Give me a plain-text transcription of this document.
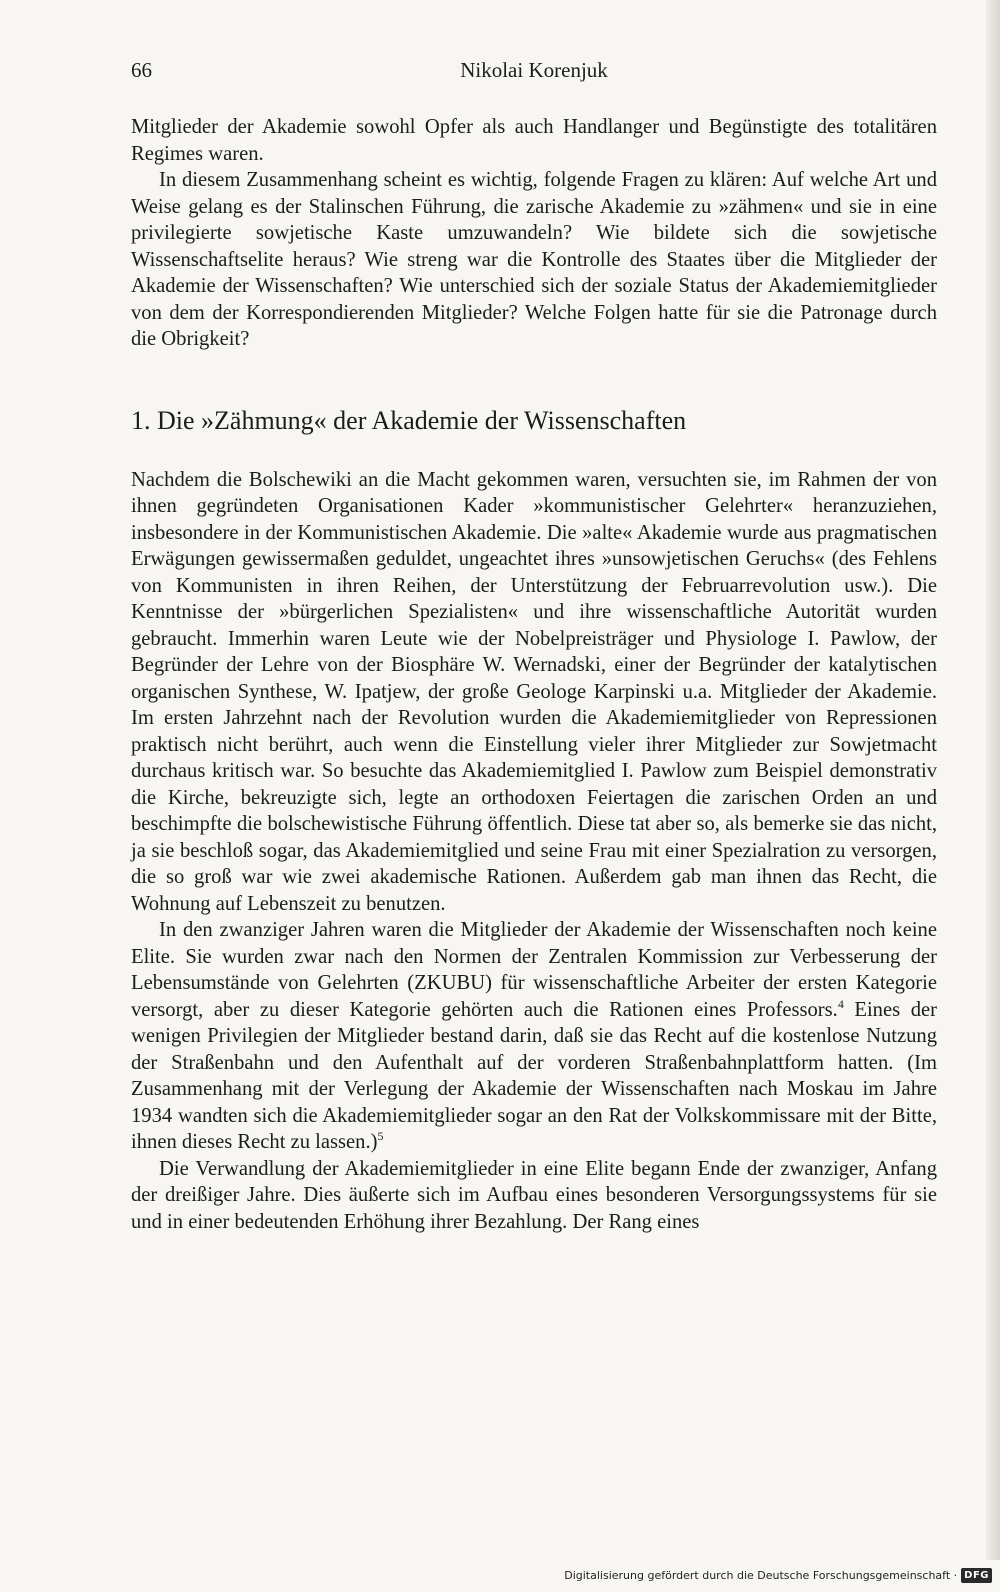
66	Nikolai Korenjuk

Mitglieder der Akademie sowohl Opfer als auch Handlanger und Begünstigte des totalitären Regimes waren.

In diesem Zusammenhang scheint es wichtig, folgende Fragen zu klären: Auf welche Art und Weise gelang es der Stalinschen Führung, die zarische Akademie zu »zähmen« und sie in eine privilegierte sowjetische Kaste umzuwandeln? Wie bildete sich die sowjetische Wissenschaftselite heraus? Wie streng war die Kontrolle des Staates über die Mitglieder der Akademie der Wissenschaften? Wie unterschied sich der soziale Status der Akademiemitglieder von dem der Korrespondierenden Mitglieder? Welche Folgen hatte für sie die Patronage durch die Obrigkeit?

1. Die »Zähmung« der Akademie der Wissenschaften

Nachdem die Bolschewiki an die Macht gekommen waren, versuchten sie, im Rahmen der von ihnen gegründeten Organisationen Kader »kommunistischer Gelehrter« heranzuziehen, insbesondere in der Kommunistischen Akademie. Die »alte« Akademie wurde aus pragmatischen Erwägungen gewissermaßen geduldet, ungeachtet ihres »unsowjetischen Geruchs« (des Fehlens von Kommunisten in ihren Reihen, der Unterstützung der Februarrevolution usw.). Die Kenntnisse der »bürgerlichen Spezialisten« und ihre wissenschaftliche Autorität wurden gebraucht. Immerhin waren Leute wie der Nobelpreisträger und Physiologe I. Pawlow, der Begründer der Lehre von der Biosphäre W. Wernadski, einer der Begründer der katalytischen organischen Synthese, W. Ipatjew, der große Geologe Karpinski u.a. Mitglieder der Akademie. Im ersten Jahrzehnt nach der Revolution wurden die Akademiemitglieder von Repressionen praktisch nicht berührt, auch wenn die Einstellung vieler ihrer Mitglieder zur Sowjetmacht durchaus kritisch war. So besuchte das Akademiemitglied I. Pawlow zum Beispiel demonstrativ die Kirche, bekreuzigte sich, legte an orthodoxen Feiertagen die zarischen Orden an und beschimpfte die bolschewistische Führung öffentlich. Diese tat aber so, als bemerke sie das nicht, ja sie beschloß sogar, das Akademiemitglied und seine Frau mit einer Spezialration zu versorgen, die so groß war wie zwei akademische Rationen. Außerdem gab man ihnen das Recht, die Wohnung auf Lebenszeit zu benutzen.

In den zwanziger Jahren waren die Mitglieder der Akademie der Wissenschaften noch keine Elite. Sie wurden zwar nach den Normen der Zentralen Kommission zur Verbesserung der Lebensumstände von Gelehrten (ZKUBU) für wissenschaftliche Arbeiter der ersten Kategorie versorgt, aber zu dieser Kategorie gehörten auch die Rationen eines Professors.$^4$ Eines der wenigen Privilegien der Mitglieder bestand darin, daß sie das Recht auf die kostenlose Nutzung der Straßenbahn und den Aufenthalt auf der vorderen Straßenbahnplattform hatten. (Im Zusammenhang mit der Verlegung der Akademie der Wissenschaften nach Moskau im Jahre 1934 wandten sich die Akademiemitglieder sogar an den Rat der Volkskommissare mit der Bitte, ihnen dieses Recht zu lassen.)$^5$

Die Verwandlung der Akademiemitglieder in eine Elite begann Ende der zwanziger, Anfang der dreißiger Jahre. Dies äußerte sich im Aufbau eines besonderen Versorgungssystems für sie und in einer bedeutenden Erhöhung ihrer Bezahlung. Der Rang eines

Digitalisierung gefördert durch die Deutsche Forschungsgemeinschaft · DFG
